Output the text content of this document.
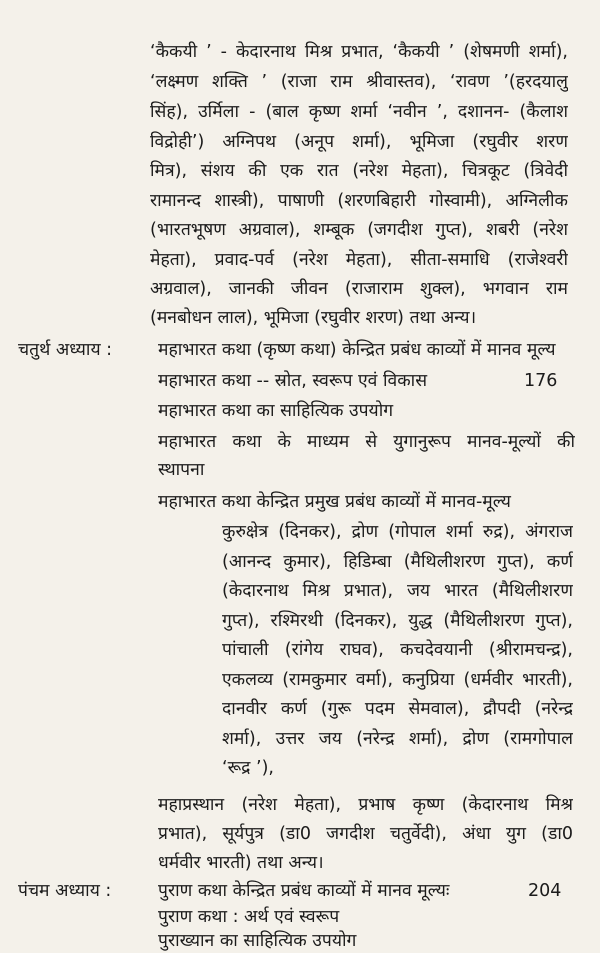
‘कैकयी ’ - केदारनाथ मिश्र प्रभात, ‘कैकयी ’ (शेषमणी शर्मा),
‘लक्ष्मण शक्ति ’ (राजा राम श्रीवास्तव), ‘रावण ’(हरदयालु
सिंह), उर्मिला - (बाल कृष्ण शर्मा ‘नवीन ’, दशानन- (कैलाश
विद्रोही’) अग्निपथ (अनूप शर्मा), भूमिजा (रघुवीर शरण
मित्र), संशय की एक रात (नरेश मेहता), चित्रकूट (त्रिवेदी
रामानन्द शास्त्री), पाषाणी (शरणबिहारी गोस्वामी), अग्निलीक
(भारतभूषण अग्रवाल), शम्बूक (जगदीश गुप्त), शबरी (नरेश
मेहता), प्रवाद-पर्व (नरेश मेहता), सीता-समाधि (राजेश्वरी
अग्रवाल), जानकी जीवन (राजाराम शुक्ल), भगवान राम
(मनबोधन लाल), भूमिजा (रघुवीर शरण) तथा अन्य।
चतुर्थ अध्याय :	महाभारत कथा (कृष्ण कथा) केन्द्रित प्रबंध काव्यों में मानव मूल्य
महाभारत कथा -- स्रोत, स्वरूप एवं विकास	176
महाभारत कथा का साहित्यिक उपयोग
महाभारत कथा के माध्यम से युगानुरूप मानव-मूल्यों की
स्थापना
महाभारत कथा केन्द्रित प्रमुख प्रबंध काव्यों में मानव-मूल्य
कुरुक्षेत्र (दिनकर), द्रोण (गोपाल शर्मा रुद्र), अंगराज
(आनन्द कुमार), हिडिम्बा (मैथिलीशरण गुप्त), कर्ण
(केदारनाथ मिश्र प्रभात), जय भारत (मैथिलीशरण
गुप्त), रश्मिरथी (दिनकर), युद्ध (मैथिलीशरण गुप्त),
पांचाली (रांगेय राघव), कचदेवयानी (श्रीरामचन्द्र),
एकलव्य (रामकुमार वर्मा), कनुप्रिया (धर्मवीर भारती),
दानवीर कर्ण (गुरू पदम सेमवाल), द्रौपदी (नरेन्द्र
शर्मा), उत्तर जय (नरेन्द्र शर्मा), द्रोण (रामगोपाल
‘रूद्र ’),
महाप्रस्थान (नरेश मेहता), प्रभाष कृष्ण (केदारनाथ मिश्र
प्रभात), सूर्यपुत्र (डा0 जगदीश चतुर्वेदी), अंधा युग (डा0
धर्मवीर भारती) तथा अन्य।
पंचम अध्याय :	पुराण कथा केन्द्रित प्रबंध काव्यों में मानव मूल्यः	204
पुराण कथा : अर्थ एवं स्वरूप
पुराख्यान का साहित्यिक उपयोग
